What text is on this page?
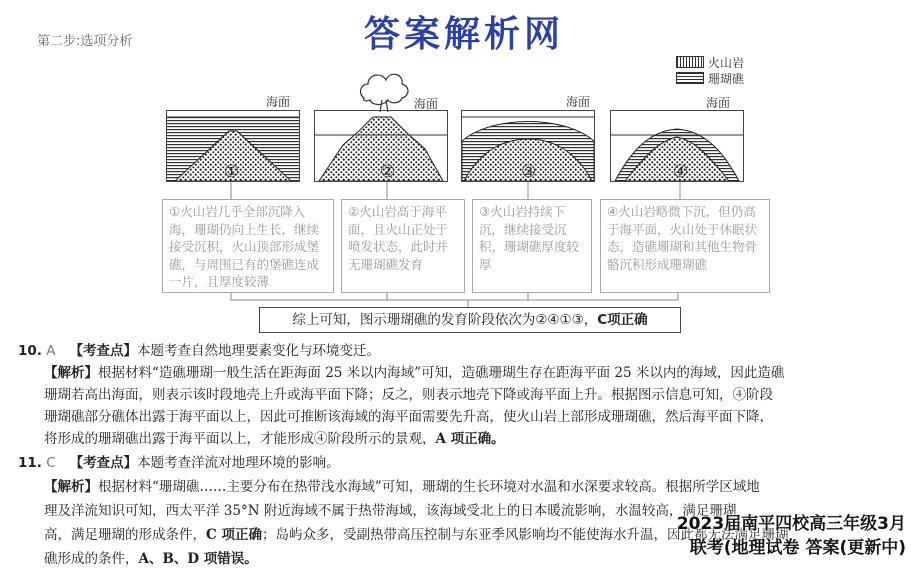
第二步:选项分析	答案解析网
火山岩
珊瑚礁
海面	海面	海面	海面
①	②	③	④
①火山岩几乎全部沉降入海，珊瑚仍向上生长，继续接受沉积，火山顶部形成堡礁，与周围已有的堡礁连成一片，且厚度较薄
②火山岩高于海平面，且火山正处于喷发状态，此时并无珊瑚礁发育
③火山岩持续下沉，继续接受沉积，珊瑚礁厚度较厚
④火山岩略微下沉，但仍高于海平面，火山处于休眠状态，造礁珊瑚和其他生物骨骼沉积形成珊瑚礁
综上可知，图示珊瑚礁的发育阶段依次为②④①③，C项正确
10. A 【考查点】本题考查自然地理要素变化与环境变迁。
【解析】根据材料“造礁珊瑚一般生活在距海面 25 米以内海域”可知，造礁珊瑚生存在距海平面 25 米以内的海域，因此造礁
珊瑚若高出海面，则表示该时段地壳上升或海平面下降；反之，则表示地壳下降或海平面上升。根据图示信息可知，④阶段
珊瑚礁部分礁体出露于海平面以上，因此可推断该海域的海平面需要先升高，使火山岩上部形成珊瑚礁，然后海平面下降，
将形成的珊瑚礁出露于海平面以上，才能形成④阶段所示的景观，A 项正确。
11. C 【考查点】本题考查洋流对地理环境的影响。
【解析】根据材料“珊瑚礁……主要分布在热带浅水海域”可知，珊瑚的生长环境对水温和水深要求较高。根据所学区域地
理及洋流知识可知，西太平洋 35°N 附近海域不属于热带海域，该海域受北上的日本暖流影响，水温较高，满足珊瑚
高，满足珊瑚的形成条件，C 项正确；岛屿众多，受副热带高压控制与东亚季风影响均不能使海水升温，因此都无法满足珊瑚
礁形成的条件，A、B、D 项错误。
2023届南平四校高三年级3月
联考(地理试卷 答案(更新中)
